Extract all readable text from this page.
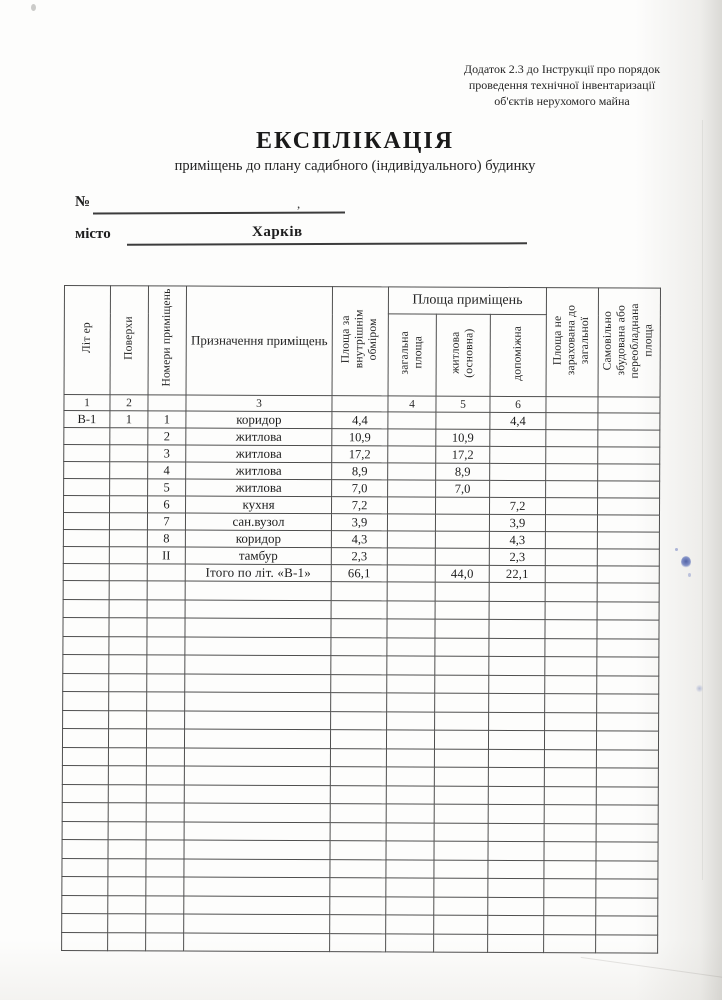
Додаток 2.3 до Інструкції про порядок
проведення технічної інвентаризації
об'єктів нерухомого майна
ЕКСПЛІКАЦІЯ
приміщень до плану садибного (індивідуального) будинку
№	,
місто	Харків
Літ ер	Поверхи	Номери приміщень	Призначення приміщень	Площа за внутрішнім обміром	Площа приміщень			Площа не зарахована до загальної	Самовільно збудована або переобладнана площа
					загальна площа	житлова (основна)	допоміжна		
1	2		3		4	5	6		
В-1	1	1	коридор	4,4			4,4		
		2	житлова	10,9		10,9			
		3	житлова	17,2		17,2			
		4	житлова	8,9		8,9			
		5	житлова	7,0		7,0			
		6	кухня	7,2			7,2		
		7	сан.вузол	3,9			3,9		
		8	коридор	4,3			4,3		
		II	тамбур	2,3			2,3		
			Ітого по літ. «В-1»	66,1		44,0	22,1		
